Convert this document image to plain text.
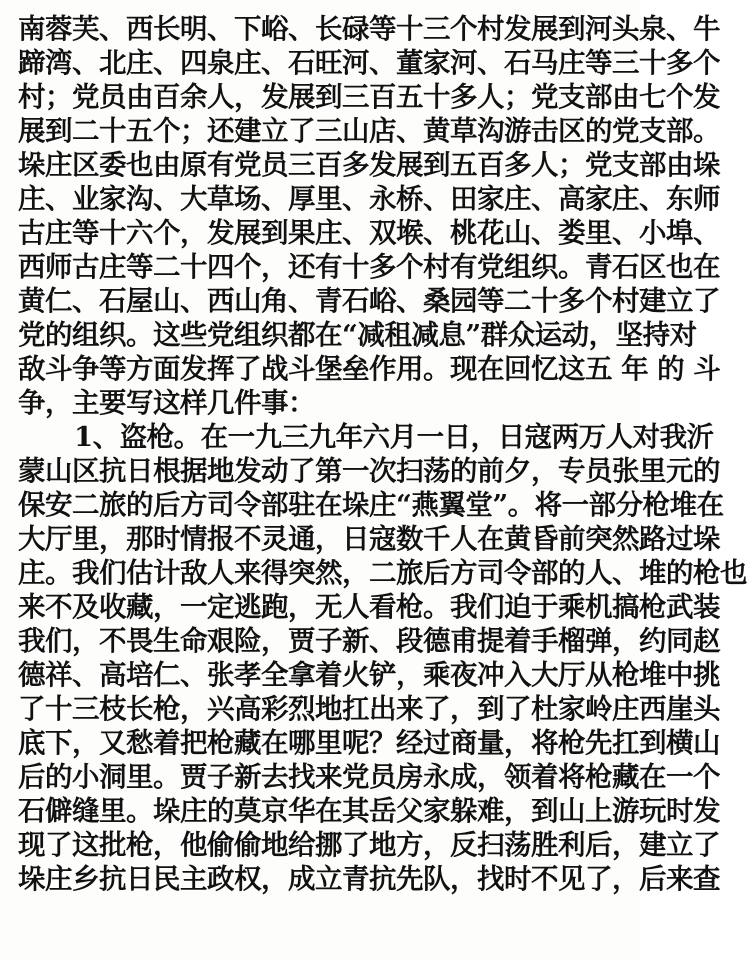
南蓉芙、西长明、下峪、长碌等十三个村发展到河头泉、牛
蹄湾、北庄、四泉庄、石旺河、董家河、石马庄等三十多个
村；党员由百余人，发展到三百五十多人；党支部由七个发
展到二十五个；还建立了三山店、黄草沟游击区的党支部。
垛庄区委也由原有党员三百多发展到五百多人；党支部由垛
庄、业家沟、大草场、厚里、永桥、田家庄、高家庄、东师
古庄等十六个，发展到果庄、双堠、桃花山、娄里、小埠、
西师古庄等二十四个，还有十多个村有党组织。青石区也在
黄仁、石屋山、西山角、青石峪、桑园等二十多个村建立了
党的组织。这些党组织都在“减租减息”群众运动，坚持对
敌斗争等方面发挥了战斗堡垒作用。现在回忆这五 年 的 斗
争，主要写这样几件事：
1、盗枪。在一九三九年六月一日，日寇两万人对我沂
蒙山区抗日根据地发动了第一次扫荡的前夕，专员张里元的
保安二旅的后方司令部驻在垛庄“燕翼堂”。将一部分枪堆在
大厅里，那时情报不灵通，日寇数千人在黄昏前突然路过垛
庄。我们估计敌人来得突然，二旅后方司令部的人、堆的枪也
来不及收藏，一定逃跑，无人看枪。我们迫于乘机搞枪武装
我们，不畏生命艰险，贾子新、段德甫提着手榴弹，约同赵
德祥、高培仁、张孝全拿着火铲，乘夜冲入大厅从枪堆中挑
了十三枝长枪，兴高彩烈地扛出来了，到了杜家岭庄西崖头
底下，又愁着把枪藏在哪里呢？经过商量，将枪先扛到横山
后的小洞里。贾子新去找来党员房永成，领着将枪藏在一个
石僻缝里。垛庄的莫京华在其岳父家躲难，到山上游玩时发
现了这批枪，他偷偷地给挪了地方，反扫荡胜利后，建立了
垛庄乡抗日民主政权，成立青抗先队，找时不见了，后来查
